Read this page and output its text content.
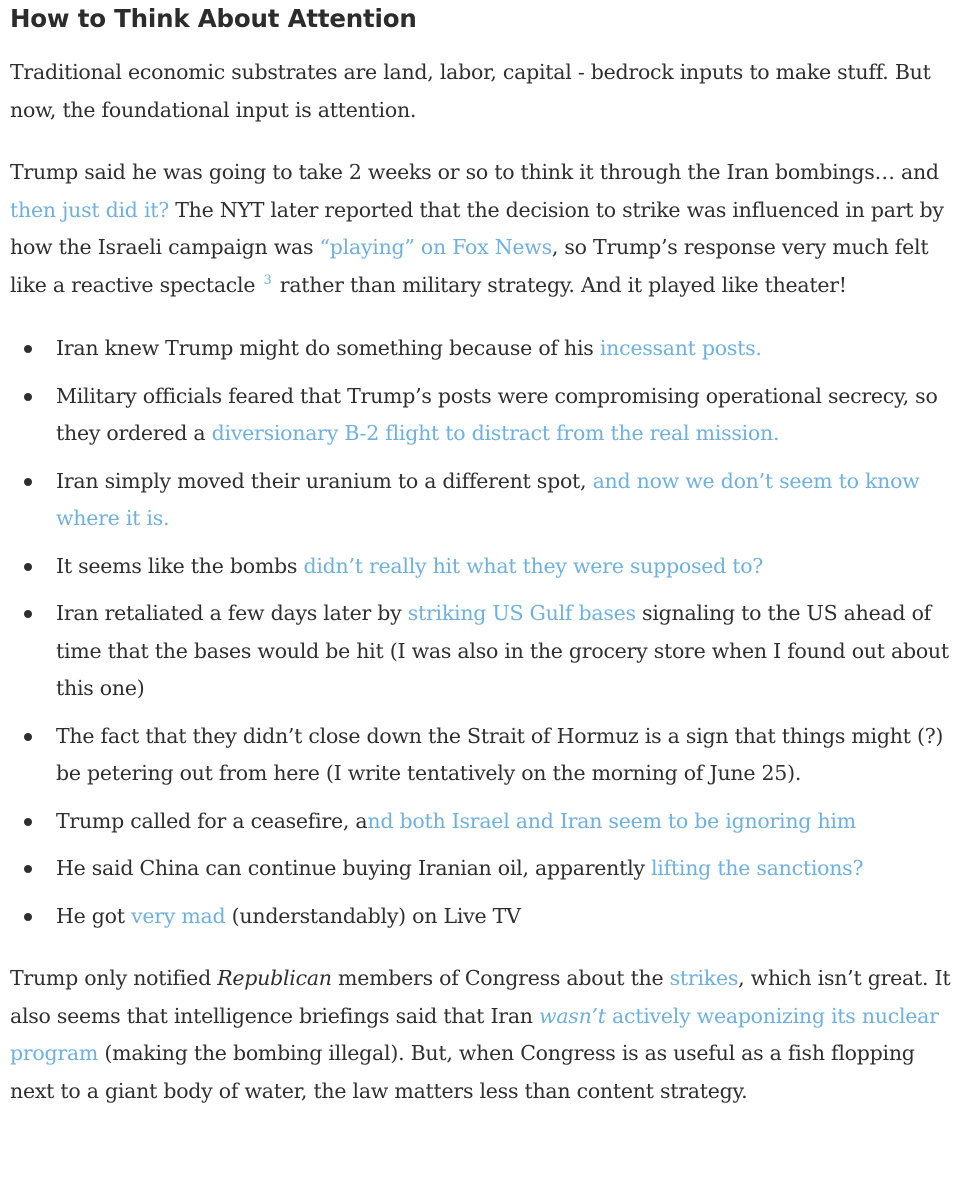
How to Think About Attention

Traditional economic substrates are land, labor, capital - bedrock inputs to make stuff. But now, the foundational input is attention.

Trump said he was going to take 2 weeks or so to think it through the Iran bombings… and then just did it? The NYT later reported that the decision to strike was influenced in part by how the Israeli campaign was “playing” on Fox News, so Trump’s response very much felt like a reactive spectacle $^3$ rather than military strategy. And it played like theater!

Iran knew Trump might do something because of his incessant posts.
Military officials feared that Trump’s posts were compromising operational secrecy, so they ordered a diversionary B-2 flight to distract from the real mission.
Iran simply moved their uranium to a different spot, and now we don’t seem to know where it is.
It seems like the bombs didn’t really hit what they were supposed to?
Iran retaliated a few days later by striking US Gulf bases signaling to the US ahead of time that the bases would be hit (I was also in the grocery store when I found out about this one)
The fact that they didn’t close down the Strait of Hormuz is a sign that things might (?) be petering out from here (I write tentatively on the morning of June 25).
Trump called for a ceasefire, and both Israel and Iran seem to be ignoring him
He said China can continue buying Iranian oil, apparently lifting the sanctions?
He got very mad (understandably) on Live TV

Trump only notified Republican members of Congress about the strikes, which isn’t great. It also seems that intelligence briefings said that Iran wasn’t actively weaponizing its nuclear program (making the bombing illegal). But, when Congress is as useful as a fish flopping next to a giant body of water, the law matters less than content strategy.
